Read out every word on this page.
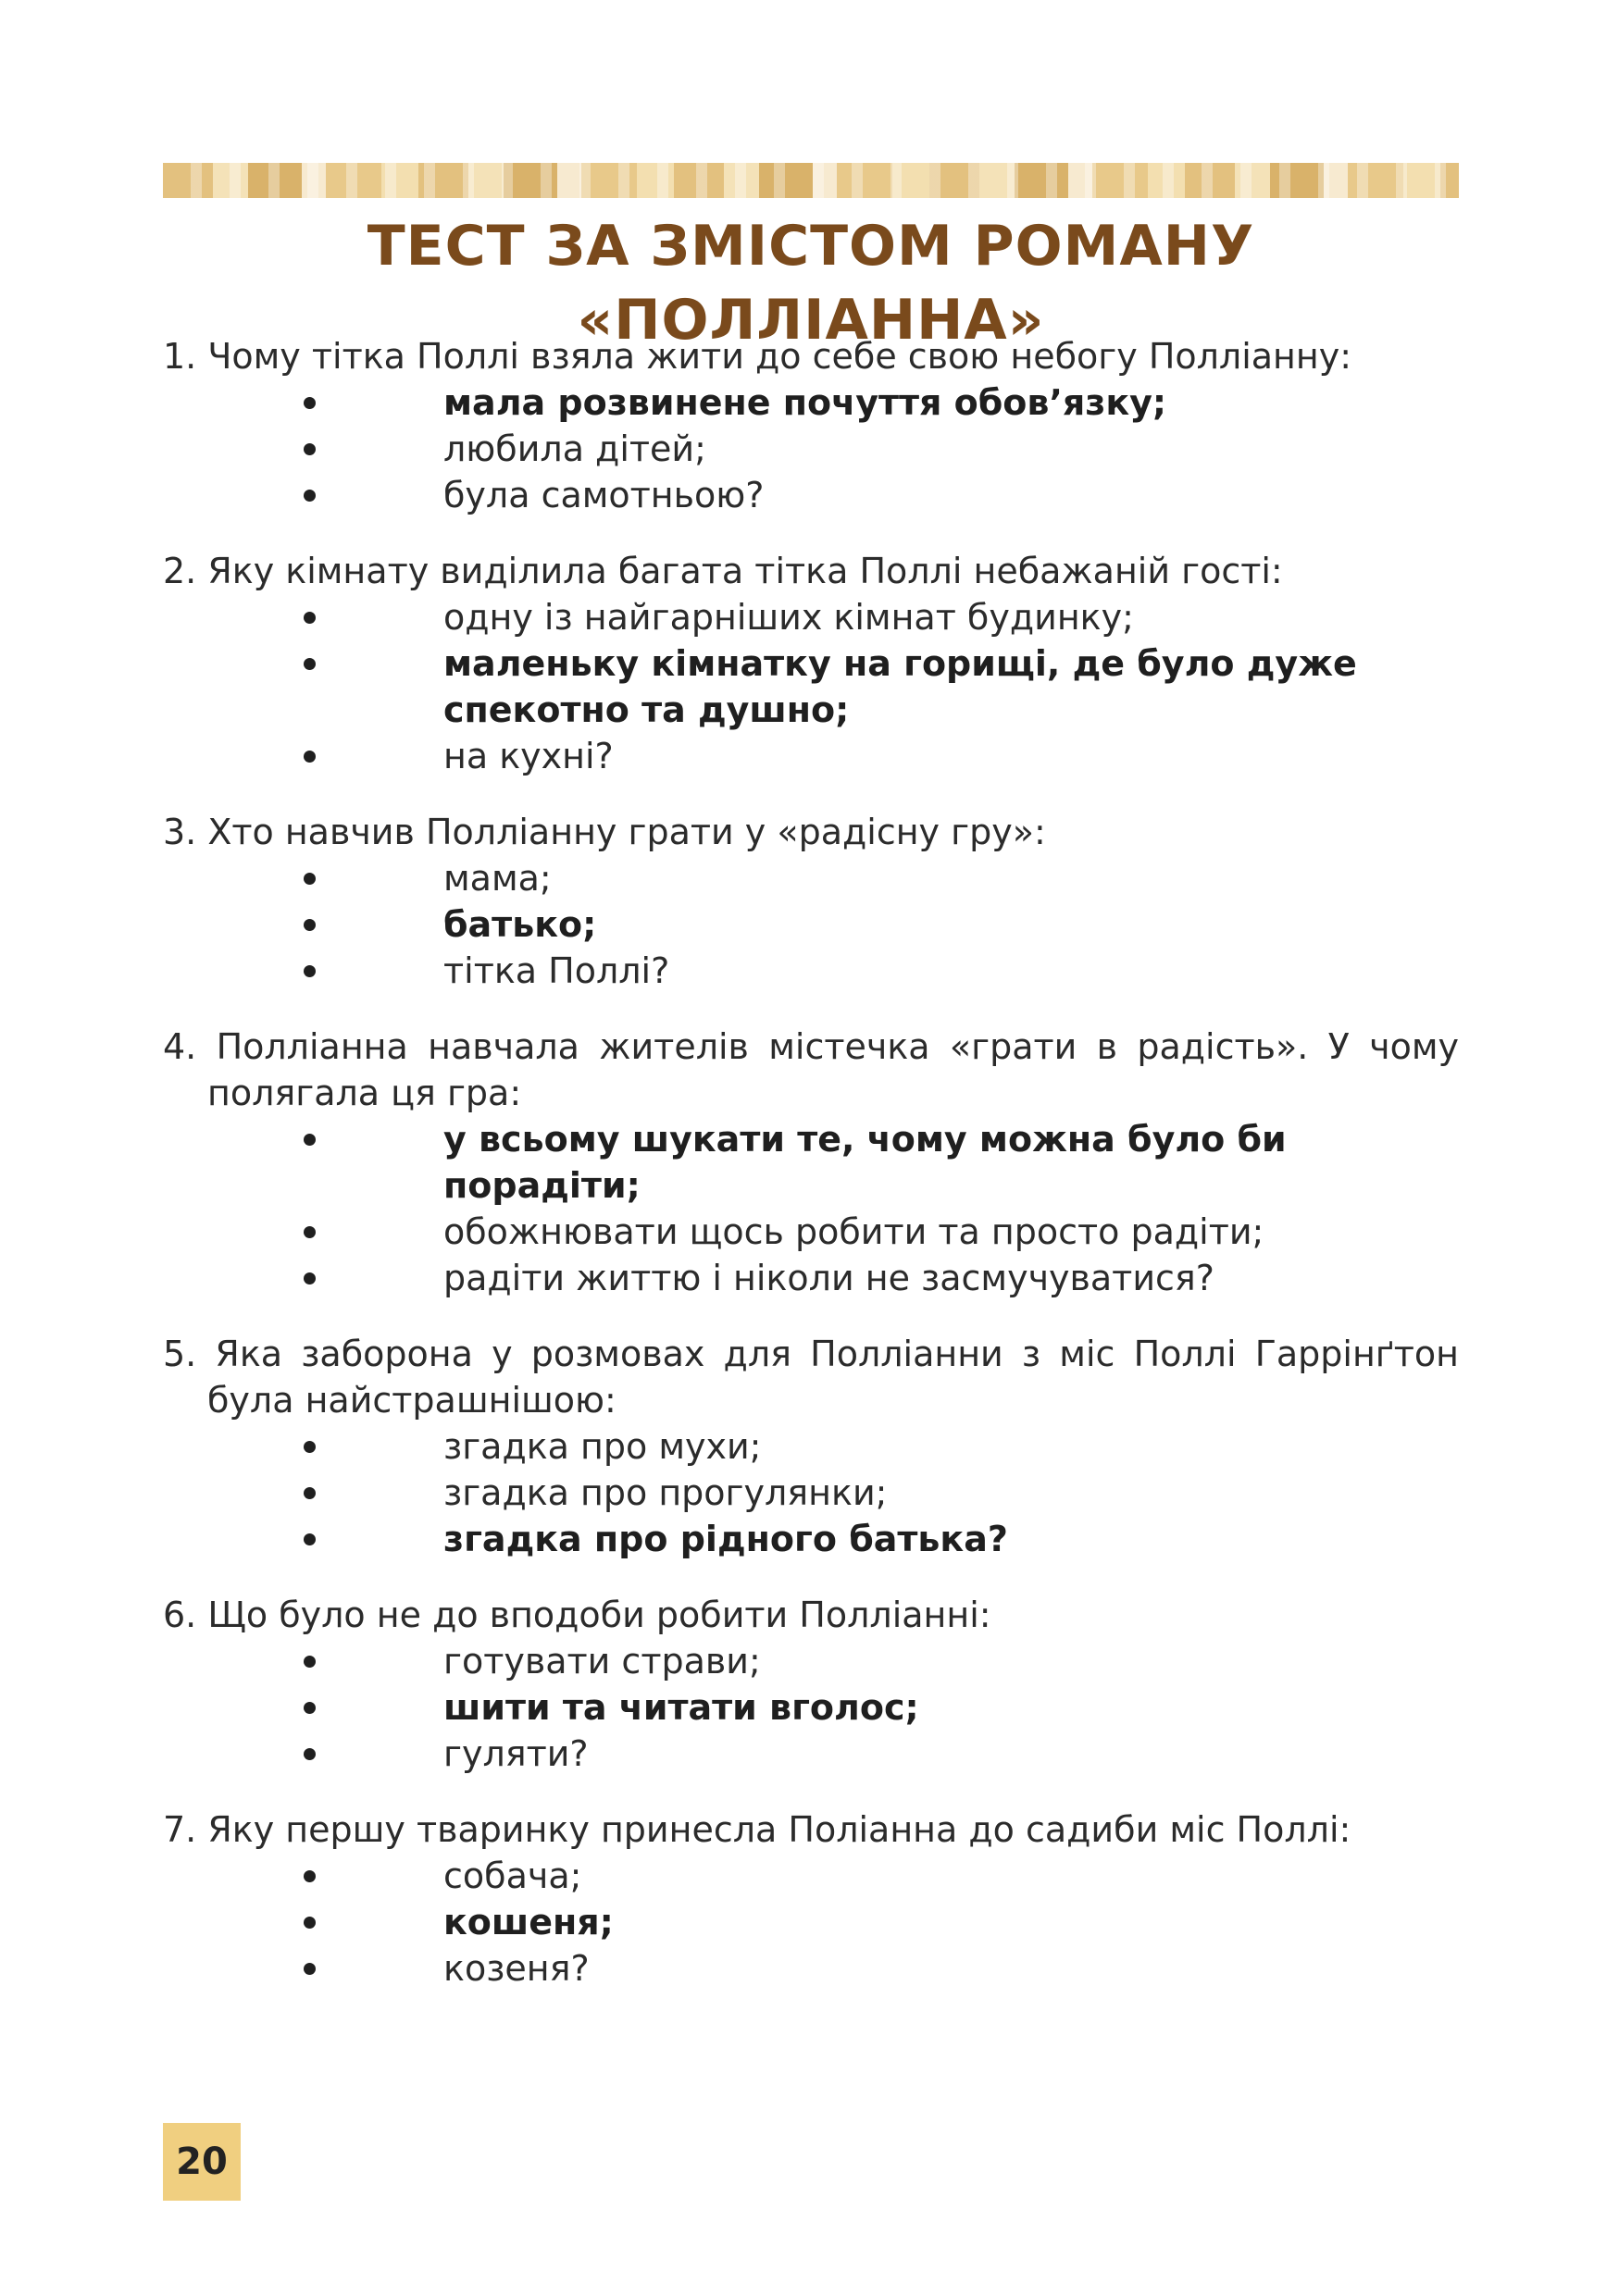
ТЕСТ ЗА ЗМІСТОМ РОМАНУ «ПОЛЛІАННА»
1. Чому тітка Поллі взяла жити до себе свою небогу Полліанну:
мала розвинене почуття обов’язку;
любила дітей;
була самотньою?
2. Яку кімнату виділила багата тітка Поллі небажаній гості:
одну із найгарніших кімнат будинку;
маленьку кімнатку на горищі, де було дуже спекотно та душно;
на кухні?
3. Хто навчив Полліанну грати у «радісну гру»:
мама;
батько;
тітка Поллі?
4. Полліанна навчала жителів містечка «грати в радість». У чому полягала ця гра:
у всьому шукати те, чому можна було би порадіти;
обожнювати щось робити та просто радіти;
радіти життю і ніколи не засмучуватися?
5. Яка заборона у розмовах для Полліанни з міс Поллі Гаррінґтон була найстрашнішою:
згадка про мухи;
згадка про прогулянки;
згадка про рідного батька?
6. Що було не до вподоби робити Полліанні:
готувати страви;
шити та читати вголос;
гуляти?
7. Яку першу тваринку принесла Поліанна до садиби міс Поллі:
собача;
кошеня;
козеня?
20
